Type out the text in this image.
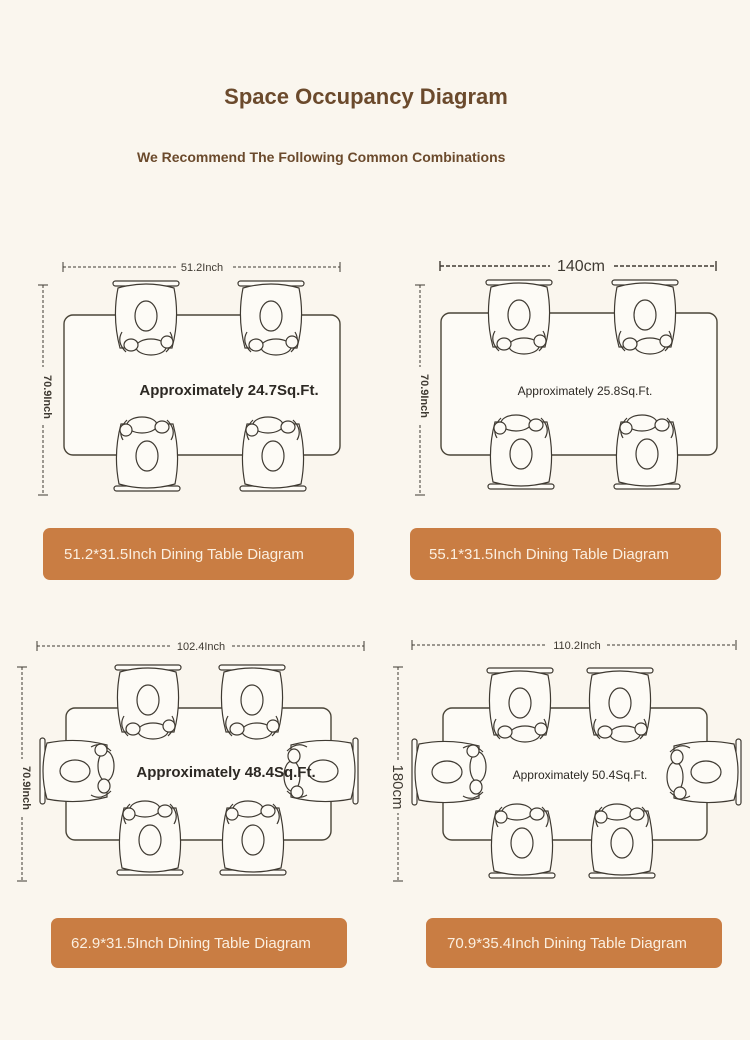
Space Occupancy Diagram
We Recommend The Following Common Combinations
51.2Inch
70.9Inch	Approximately 24.7Sq.Ft.
51.2*31.5Inch Dining Table Diagram
140cm
70.9Inch	Approximately 25.8Sq.Ft.
55.1*31.5Inch Dining Table Diagram
102.4Inch
70.9Inch	Approximately 48.4Sq.Ft.
62.9*31.5Inch Dining Table Diagram
110.2Inch
180cm	Approximately 50.4Sq.Ft.
70.9*35.4Inch Dining Table Diagram
